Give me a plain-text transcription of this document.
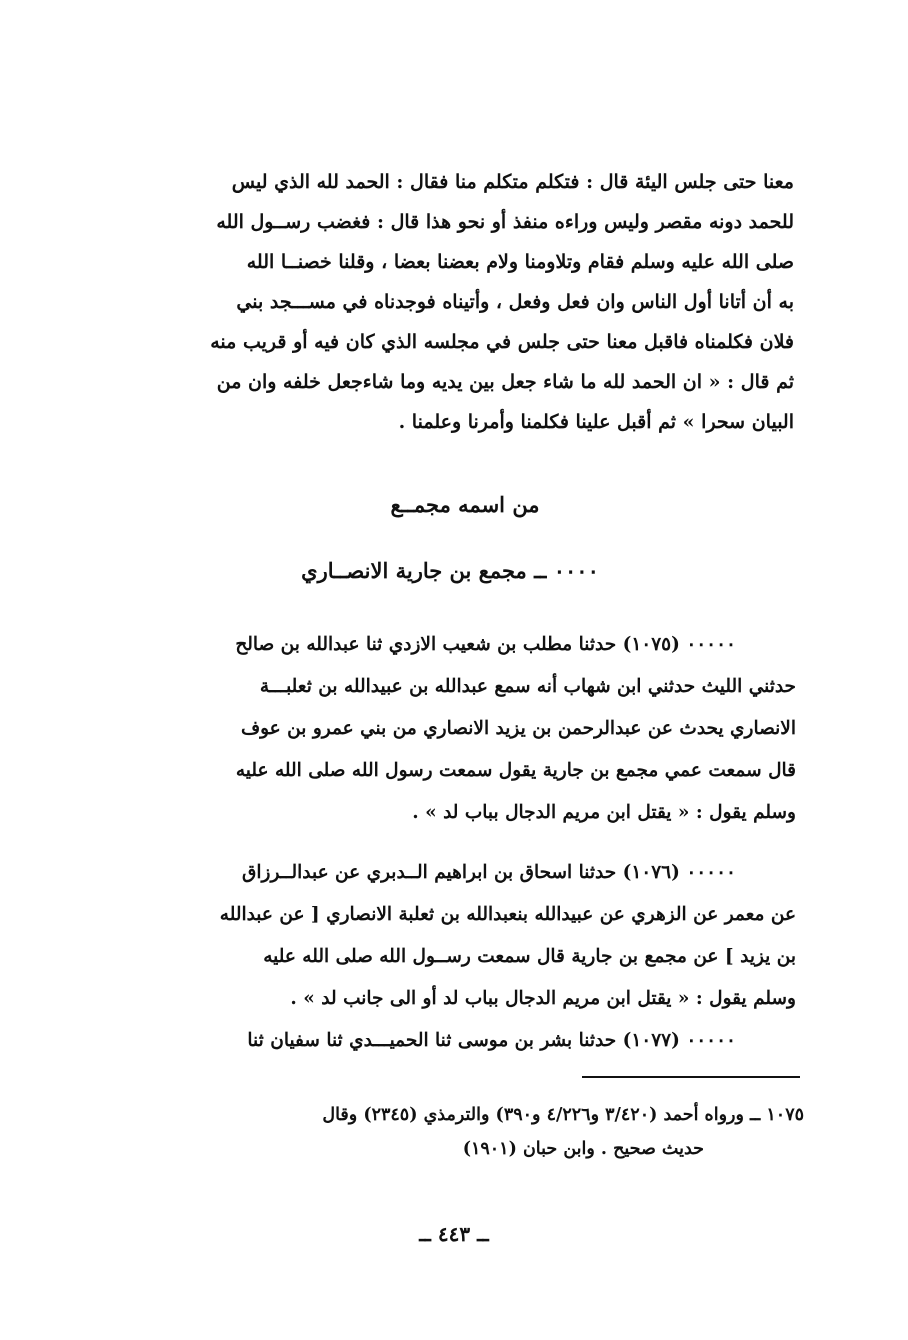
معنا حتى جلس اليئة قال : فتكلم متكلم منا فقال : الحمد لله الذي ليس
للحمد دونه مقصر وليس وراءه منفذ أو نحو هذا قال : فغضب رســول الله
صلى الله عليه وسلم فقام وتلاومنا ولام بعضنا بعضا ، وقلنا خصنــا الله
به أن أتانا أول الناس وان فعل وفعل ، وأتيناه فوجدناه في مســـجد بني
فلان فكلمناه فاقبل معنا حتى جلس في مجلسه الذي كان فيه أو قريب منه
ثم قال : « ان الحمد لله ما شاء جعل بين يديه وما شاءجعل خلفه وان من
البيان سحرا » ثم أقبل علينا فكلمنا وأمرنا وعلمنا .
من اسمه مجمــع
٠٠٠٠ ــ مجمع بن جارية الانصــاري
٠٠٠٠٠ (١٠٧٥) حدثنا مطلب بن شعيب الازدي ثنا عبدالله بن صالح
حدثني الليث حدثني ابن شهاب أنه سمع عبدالله بن عبيدالله بن ثعلبـــة
الانصاري يحدث عن عبدالرحمن بن يزيد الانصاري من بني عمرو بن عوف
قال سمعت عمي مجمع بن جارية يقول سمعت رسول الله صلى الله عليه
وسلم يقول : « يقتل ابن مريم الدجال بباب لد » .
٠٠٠٠٠ (١٠٧٦) حدثنا اسحاق بن ابراهيم الــدبري عن عبدالــرزاق
عن معمر عن الزهري عن عبيدالله بنعبدالله بن ثعلبة الانصاري [ عن عبدالله
بن يزيد ] عن مجمع بن جارية قال سمعت رســول الله صلى الله عليه
وسلم يقول : « يقتل ابن مريم الدجال بباب لد أو الى جانب لد » .
٠٠٠٠٠ (١٠٧٧) حدثنا بشر بن موسى ثنا الحميـــدي ثنا سفيان ثنا
١٠٧٥ ــ ورواه أحمد (٣/٤٢٠ و٤/٢٢٦ و٣٩٠) والترمذي (٢٣٤٥) وقال
حديث صحيح . وابن حبان (١٩٠١)
ــ ٤٤٣ ــ
